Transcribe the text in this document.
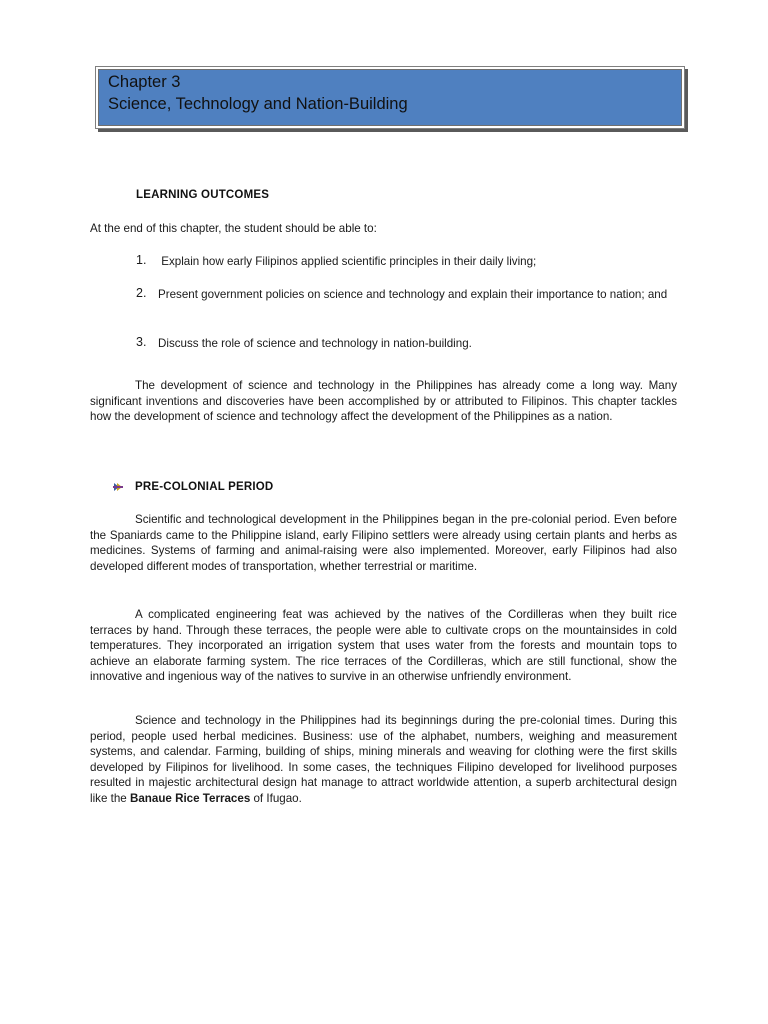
Chapter 3
Science, Technology and Nation-Building
LEARNING OUTCOMES
At the end of this chapter, the student should be able to:
1. Explain how early Filipinos applied scientific principles in their daily living;
2. Present government policies on science and technology and explain their importance to nation; and
3. Discuss the role of science and technology in nation-building.
The development of science and technology in the Philippines has already come a long way. Many significant inventions and discoveries have been accomplished by or attributed to Filipinos. This chapter tackles how the development of science and technology affect the development of the Philippines as a nation.
PRE-COLONIAL PERIOD
Scientific and technological development in the Philippines began in the pre-colonial period. Even before the Spaniards came to the Philippine island, early Filipino settlers were already using certain plants and herbs as medicines. Systems of farming and animal-raising were also implemented. Moreover, early Filipinos had also developed different modes of transportation, whether terrestrial or maritime.
A complicated engineering feat was achieved by the natives of the Cordilleras when they built rice terraces by hand. Through these terraces, the people were able to cultivate crops on the mountainsides in cold temperatures. They incorporated an irrigation system that uses water from the forests and mountain tops to achieve an elaborate farming system. The rice terraces of the Cordilleras, which are still functional, show the innovative and ingenious way of the natives to survive in an otherwise unfriendly environment.
Science and technology in the Philippines had its beginnings during the pre-colonial times. During this period, people used herbal medicines. Business: use of the alphabet, numbers, weighing and measurement systems, and calendar. Farming, building of ships, mining minerals and weaving for clothing were the first skills developed by Filipinos for livelihood. In some cases, the techniques Filipino developed for livelihood purposes resulted in majestic architectural design hat manage to attract worldwide attention, a superb architectural design like the Banaue Rice Terraces of Ifugao.
